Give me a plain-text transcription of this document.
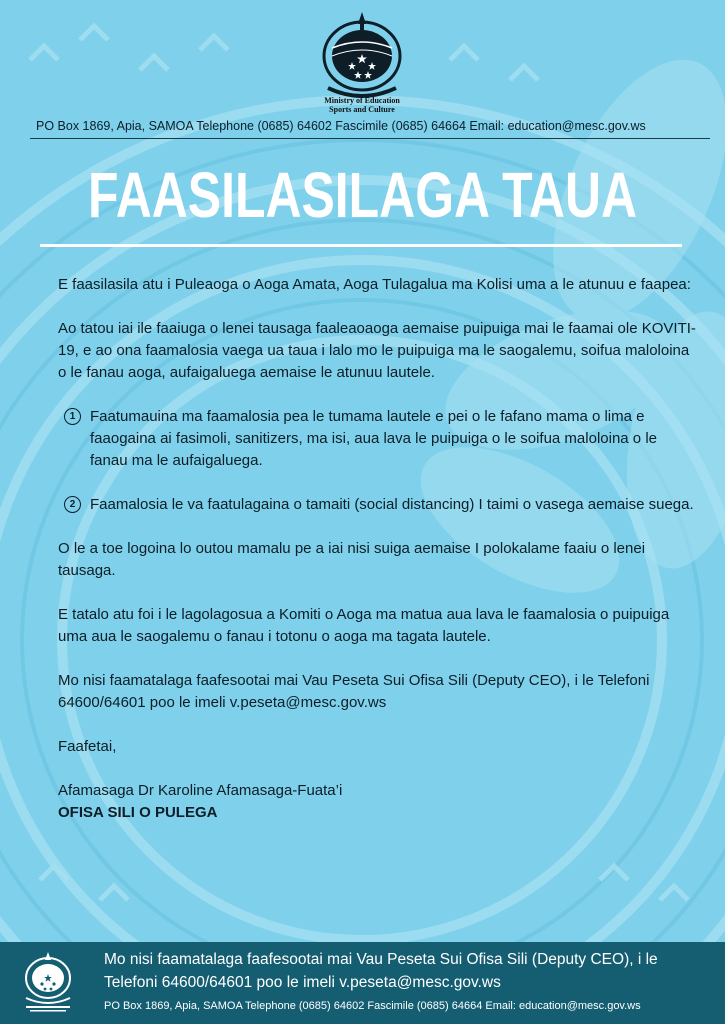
Ministry of Education
Sports and Culture
PO Box 1869, Apia, SAMOA Telephone (0685) 64602 Fascimile (0685) 64664 Email: education@mesc.gov.ws
FAASILASILAGA TAUA

E faasilasila atu i Puleaoga o Aoga Amata, Aoga Tulagalua ma Kolisi uma a le atunuu e faapea:

Ao tatou iai ile faaiuga o lenei tausaga faaleaoaoga aemaise puipuiga mai le faamai ole KOVITI-19, e ao ona faamalosia vaega ua taua i lalo mo le puipuiga ma le saogalemu, soifua maloloina o le fanau aoga, aufaigaluega aemaise le atunuu lautele.

1 Faatumauina ma faamalosia pea le tumama lautele e pei o le fafano mama o lima e faaogaina ai fasimoli, sanitizers, ma isi, aua lava le puipuiga o le soifua maloloina o le fanau ma le aufaigaluega.
2 Faamalosia le va faatulagaina o tamaiti (social distancing) I taimi o vasega aemaise suega.

O le a toe logoina lo outou mamalu pe a iai nisi suiga aemaise I polokalame faaiu o lenei tausaga.

E tatalo atu foi i le lagolagosua a Komiti o Aoga ma matua aua lava le faamalosia o puipuiga uma aua le saogalemu o fanau i totonu o aoga ma tagata lautele.

Mo nisi faamatalaga faafesootai mai Vau Peseta Sui Ofisa Sili (Deputy CEO), i le Telefoni 64600/64601 poo le imeli v.peseta@mesc.gov.ws

Faafetai,

Afamasaga Dr Karoline Afamasaga-Fuata’i

OFISA SILI O PULEGA

Mo nisi faamatalaga faafesootai mai Vau Peseta Sui Ofisa Sili (Deputy CEO), i le Telefoni 64600/64601 poo le imeli v.peseta@mesc.gov.ws
PO Box 1869, Apia, SAMOA Telephone (0685) 64602 Fascimile (0685) 64664 Email: education@mesc.gov.ws
